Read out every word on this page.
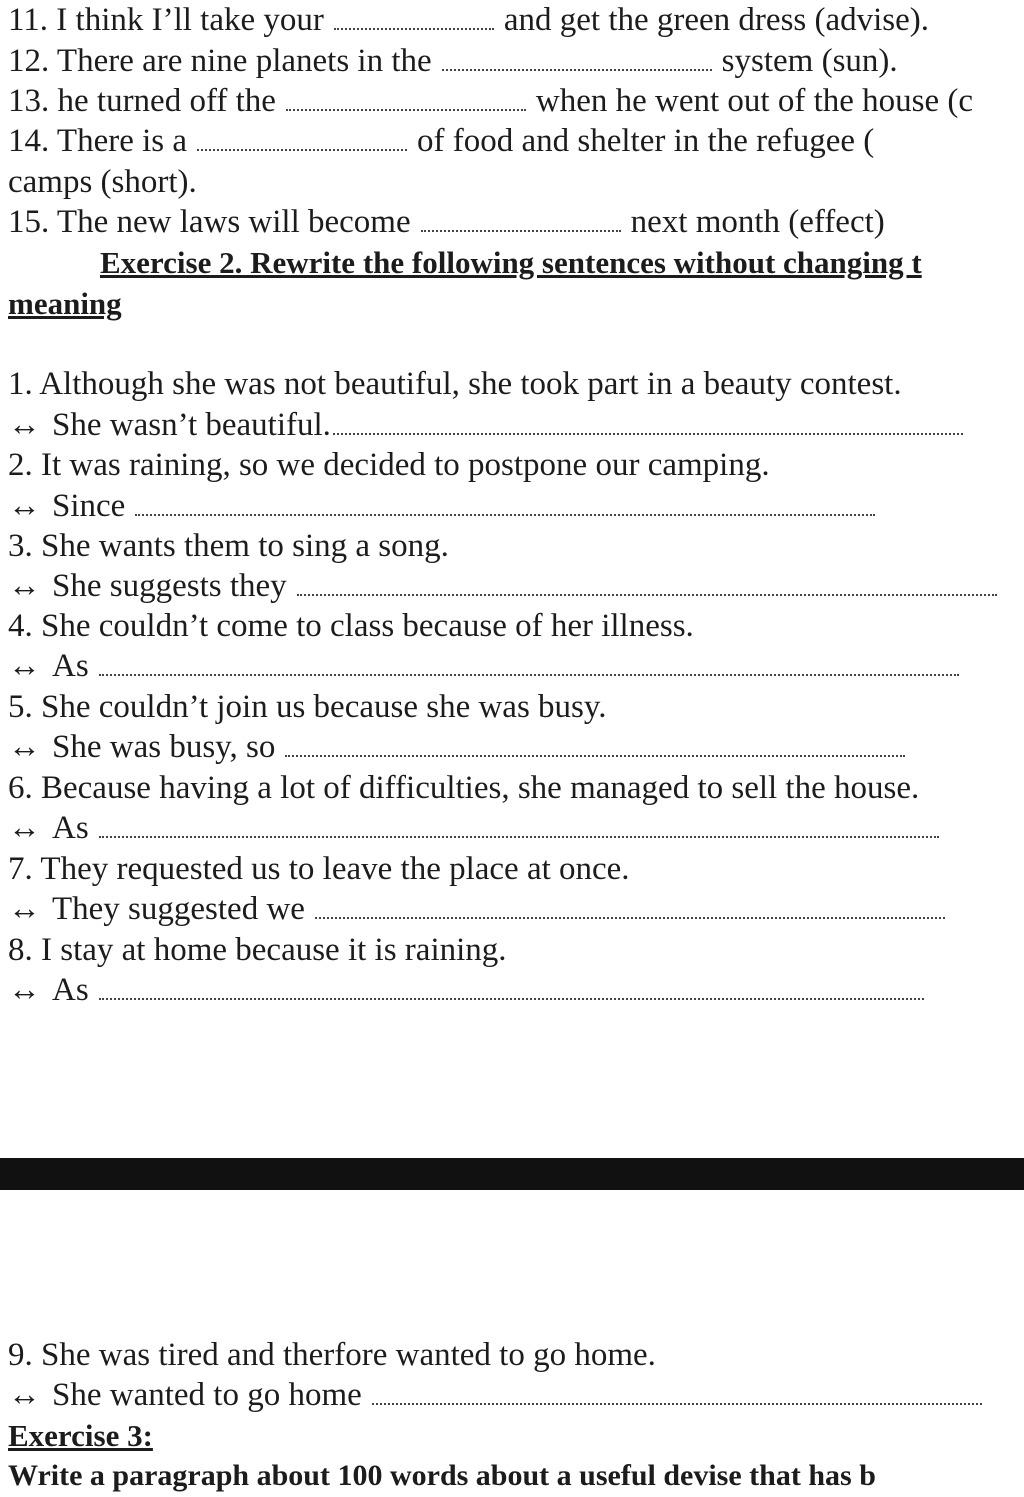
11. I think I’ll take your	and get the green dress (advise).
12. There are nine planets in the	system (sun).
13. he turned off the	when he went out of the house (c
14. There is a	of food and shelter in the refugee (
camps (short).
15. The new laws will become	next month (effect)
Exercise 2. Rewrite the following sentences without changing t
meaning
1. Although she was not beautiful, she took part in a beauty contest.
↔ She wasn’t beautiful.
2. It was raining, so we decided to postpone our camping.
↔ Since
3. She wants them to sing a song.
↔ She suggests they
4. She couldn’t come to class because of her illness.
↔ As
5. She couldn’t join us because she was busy.
↔ She was busy, so
6. Because having a lot of difficulties, she managed to sell the house.
↔ As
7. They requested us to leave the place at once.
↔ They suggested we
8. I stay at home because it is raining.
↔ As
9. She was tired and therfore wanted to go home.
↔ She wanted to go home
Exercise 3:
Write a paragraph about 100 words about a useful devise that has b
